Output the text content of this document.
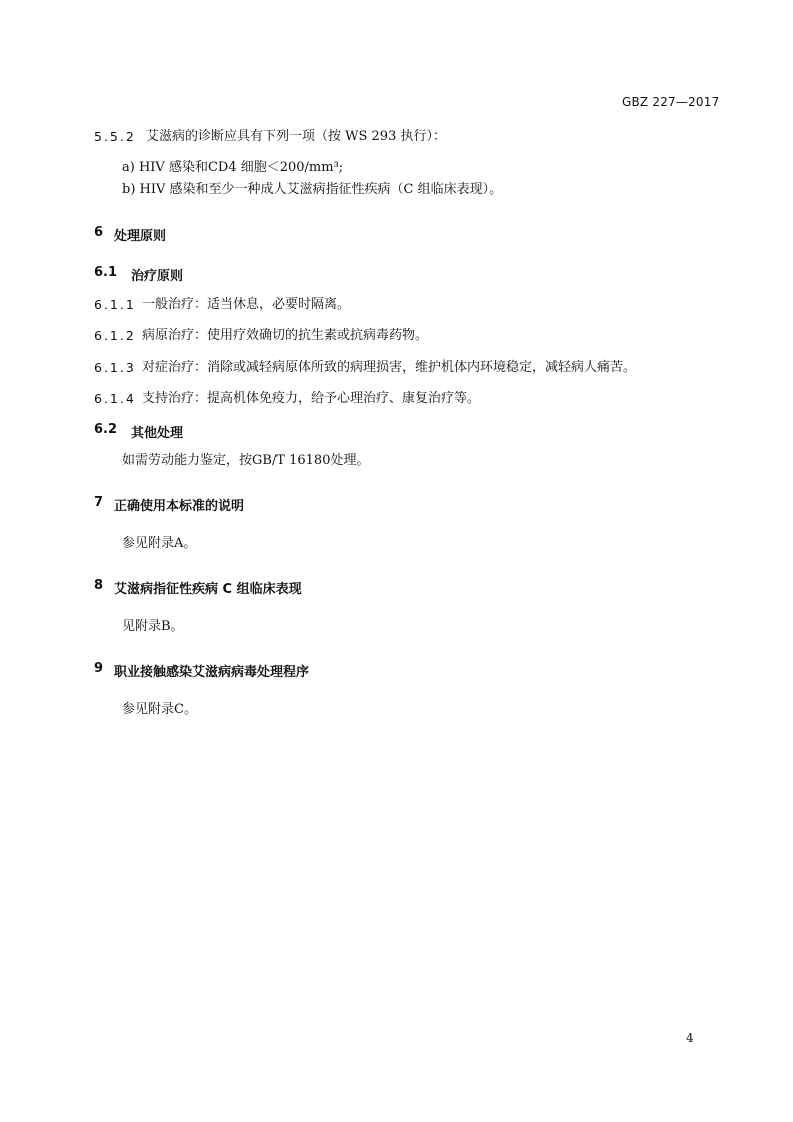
GBZ 227—2017
5.5.2 艾滋病的诊断应具有下列一项（按 WS 293 执行）：
a) HIV 感染和CD4 细胞＜200/mm³;
b) HIV 感染和至少一种成人艾滋病指征性疾病（C 组临床表现）。
6 处理原则
6.1 治疗原则
6.1.1 一般治疗：适当休息，必要时隔离。
6.1.2 病原治疗：使用疗效确切的抗生素或抗病毒药物。
6.1.3 对症治疗：消除或减轻病原体所致的病理损害，维护机体内环境稳定，减轻病人痛苦。
6.1.4 支持治疗：提高机体免疫力，给予心理治疗、康复治疗等。
6.2 其他处理
如需劳动能力鉴定，按GB/T 16180处理。
7 正确使用本标准的说明
参见附录A。
8 艾滋病指征性疾病 C 组临床表现
见附录B。
9 职业接触感染艾滋病病毒处理程序
参见附录C。
4
